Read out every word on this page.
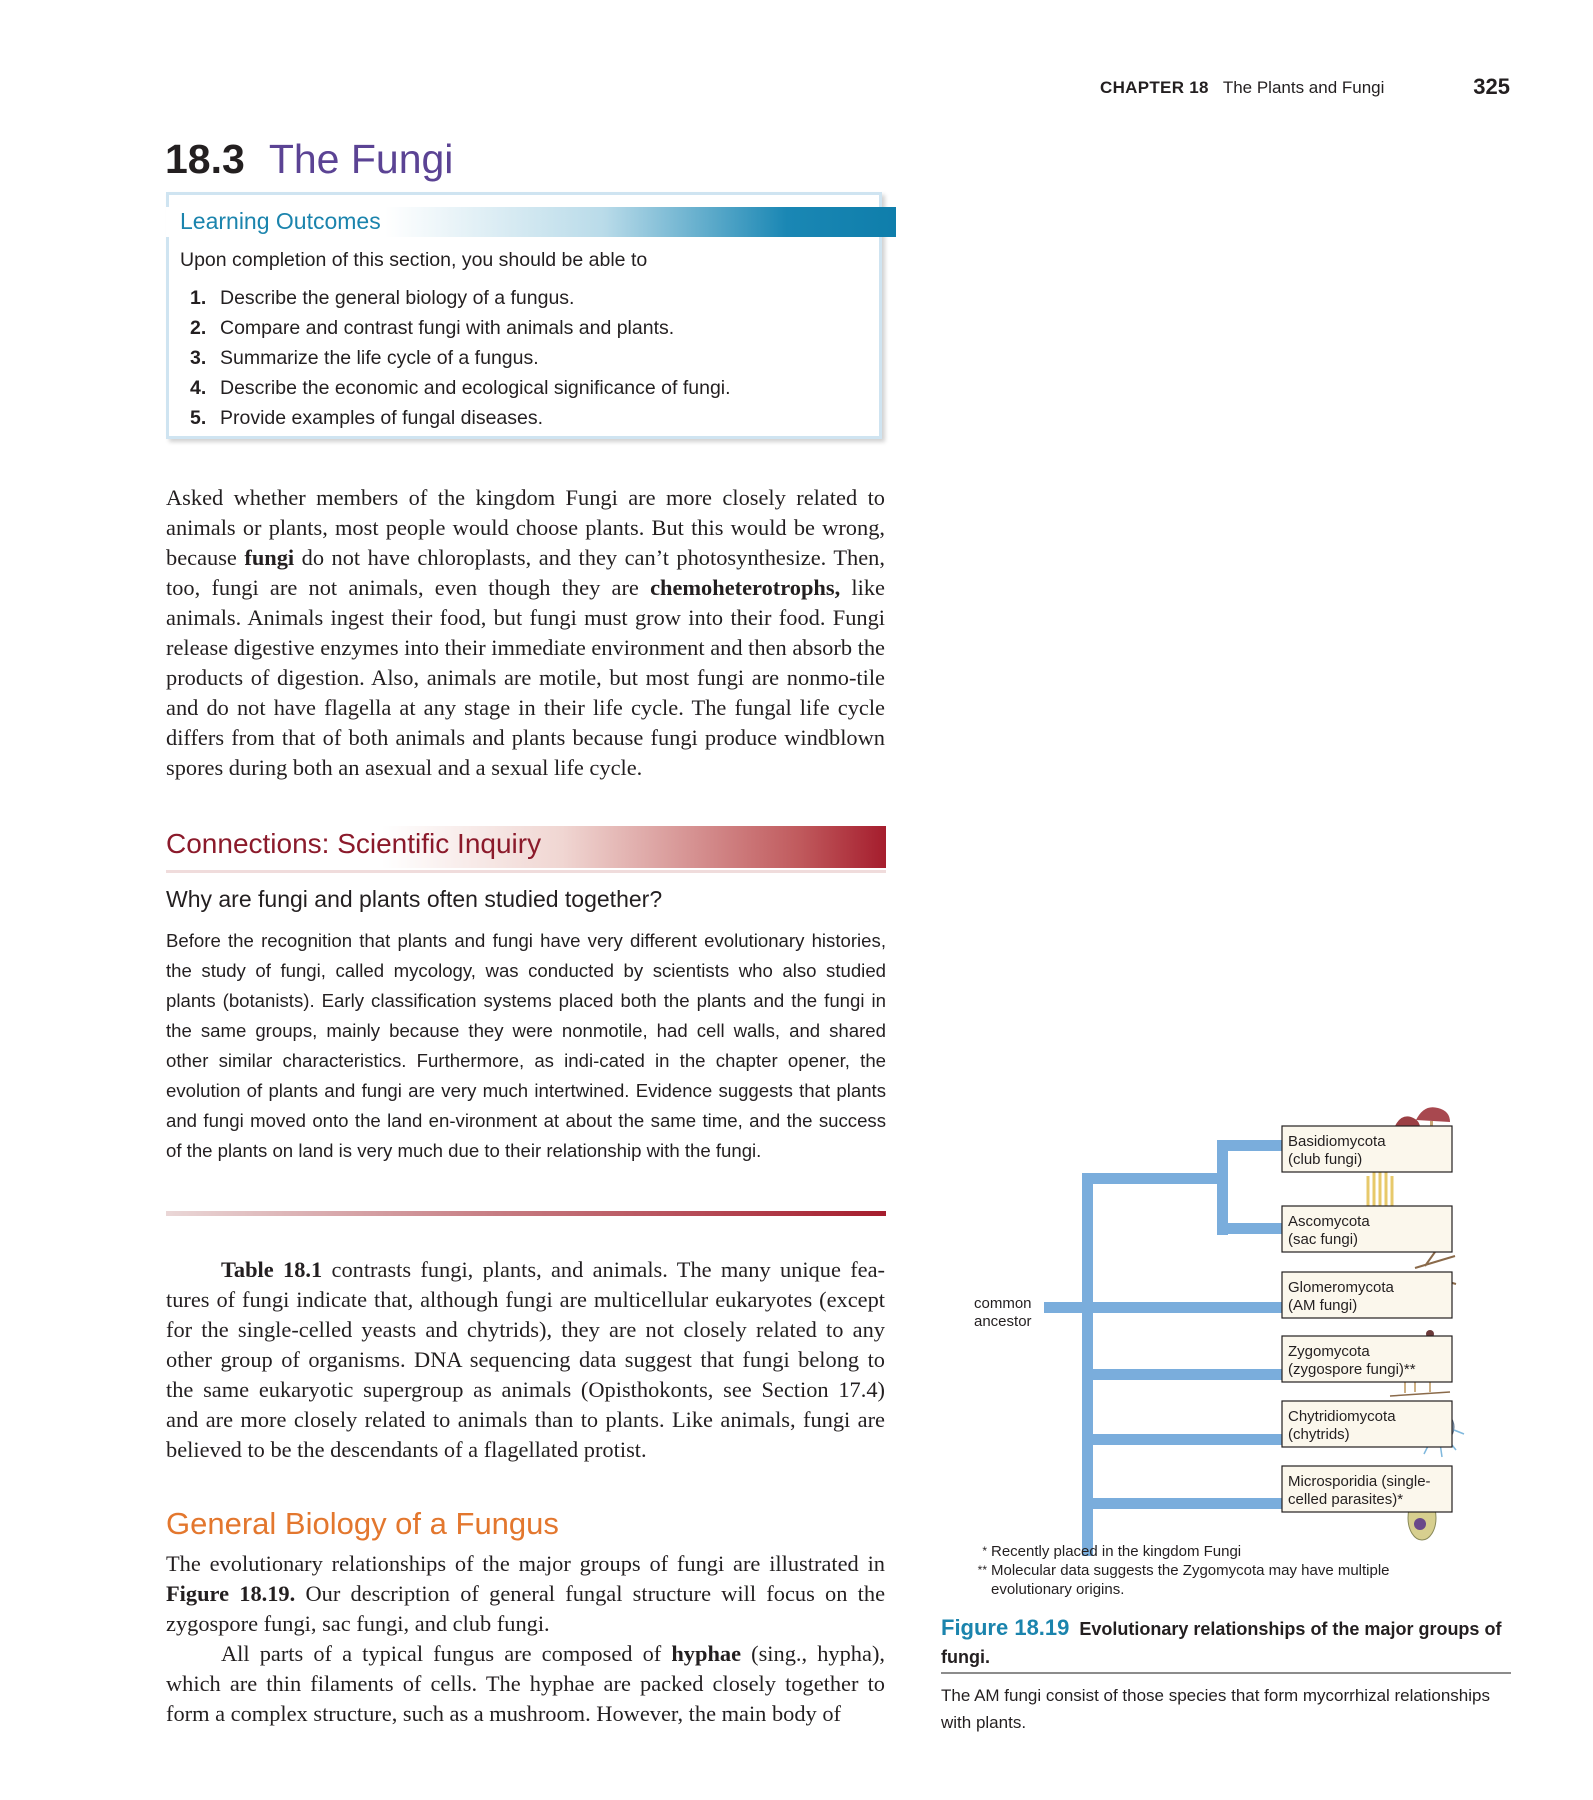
CHAPTER 18 The Plants and Fungi	325
18.3 The Fungi
Learning Outcomes
Upon completion of this section, you should be able to
1. Describe the general biology of a fungus.
2. Compare and contrast fungi with animals and plants.
3. Summarize the life cycle of a fungus.
4. Describe the economic and ecological significance of fungi.
5. Provide examples of fungal diseases.

Asked whether members of the kingdom Fungi are more closely related to animals or plants, most people would choose plants. But this would be wrong, because fungi do not have chloroplasts, and they can’t photosynthesize. Then, too, fungi are not animals, even though they are chemoheterotrophs, like animals. Animals ingest their food, but fungi must grow into their food. Fungi release digestive enzymes into their immediate environment and then absorb the products of digestion. Also, animals are motile, but most fungi are nonmo-tile and do not have flagella at any stage in their life cycle. The fungal life cycle differs from that of both animals and plants because fungi produce windblown spores during both an asexual and a sexual life cycle.

Connections: Scientific Inquiry
Why are fungi and plants often studied together?

Before the recognition that plants and fungi have very different evolutionary histories, the study of fungi, called mycology, was conducted by scientists who also studied plants (botanists). Early classification systems placed both the plants and the fungi in the same groups, mainly because they were nonmotile, had cell walls, and shared other similar characteristics. Furthermore, as indi-cated in the chapter opener, the evolution of plants and fungi are very much intertwined. Evidence suggests that plants and fungi moved onto the land en-vironment at about the same time, and the success of the plants on land is very much due to their relationship with the fungi.

Table 18.1 contrasts fungi, plants, and animals. The many unique fea-tures of fungi indicate that, although fungi are multicellular eukaryotes (except for the single-celled yeasts and chytrids), they are not closely related to any other group of organisms. DNA sequencing data suggest that fungi belong to the same eukaryotic supergroup as animals (Opisthokonts, see Section 17.4) and are more closely related to animals than to plants. Like animals, fungi are believed to be the descendants of a flagellated protist.

General Biology of a Fungus

The evolutionary relationships of the major groups of fungi are illustrated in Figure 18.19. Our description of general fungal structure will focus on the zygospore fungi, sac fungi, and club fungi.

All parts of a typical fungus are composed of hyphae (sing., hypha), which are thin filaments of cells. The hyphae are packed closely together to form a complex structure, such as a mushroom. However, the main body of

common ancestor
Basidiomycota (club fungi)
Ascomycota (sac fungi)
Glomeromycota (AM fungi)
Zygomycota (zygospore fungi)**
Chytridiomycota (chytrids)
Microsporidia (single-celled parasites)*
* Recently placed in the kingdom Fungi
** Molecular data suggests the Zygomycota may have multiple evolutionary origins.
Figure 18.19 Evolutionary relationships of the major groups of fungi.
The AM fungi consist of those species that form mycorrhizal relationships with plants.
